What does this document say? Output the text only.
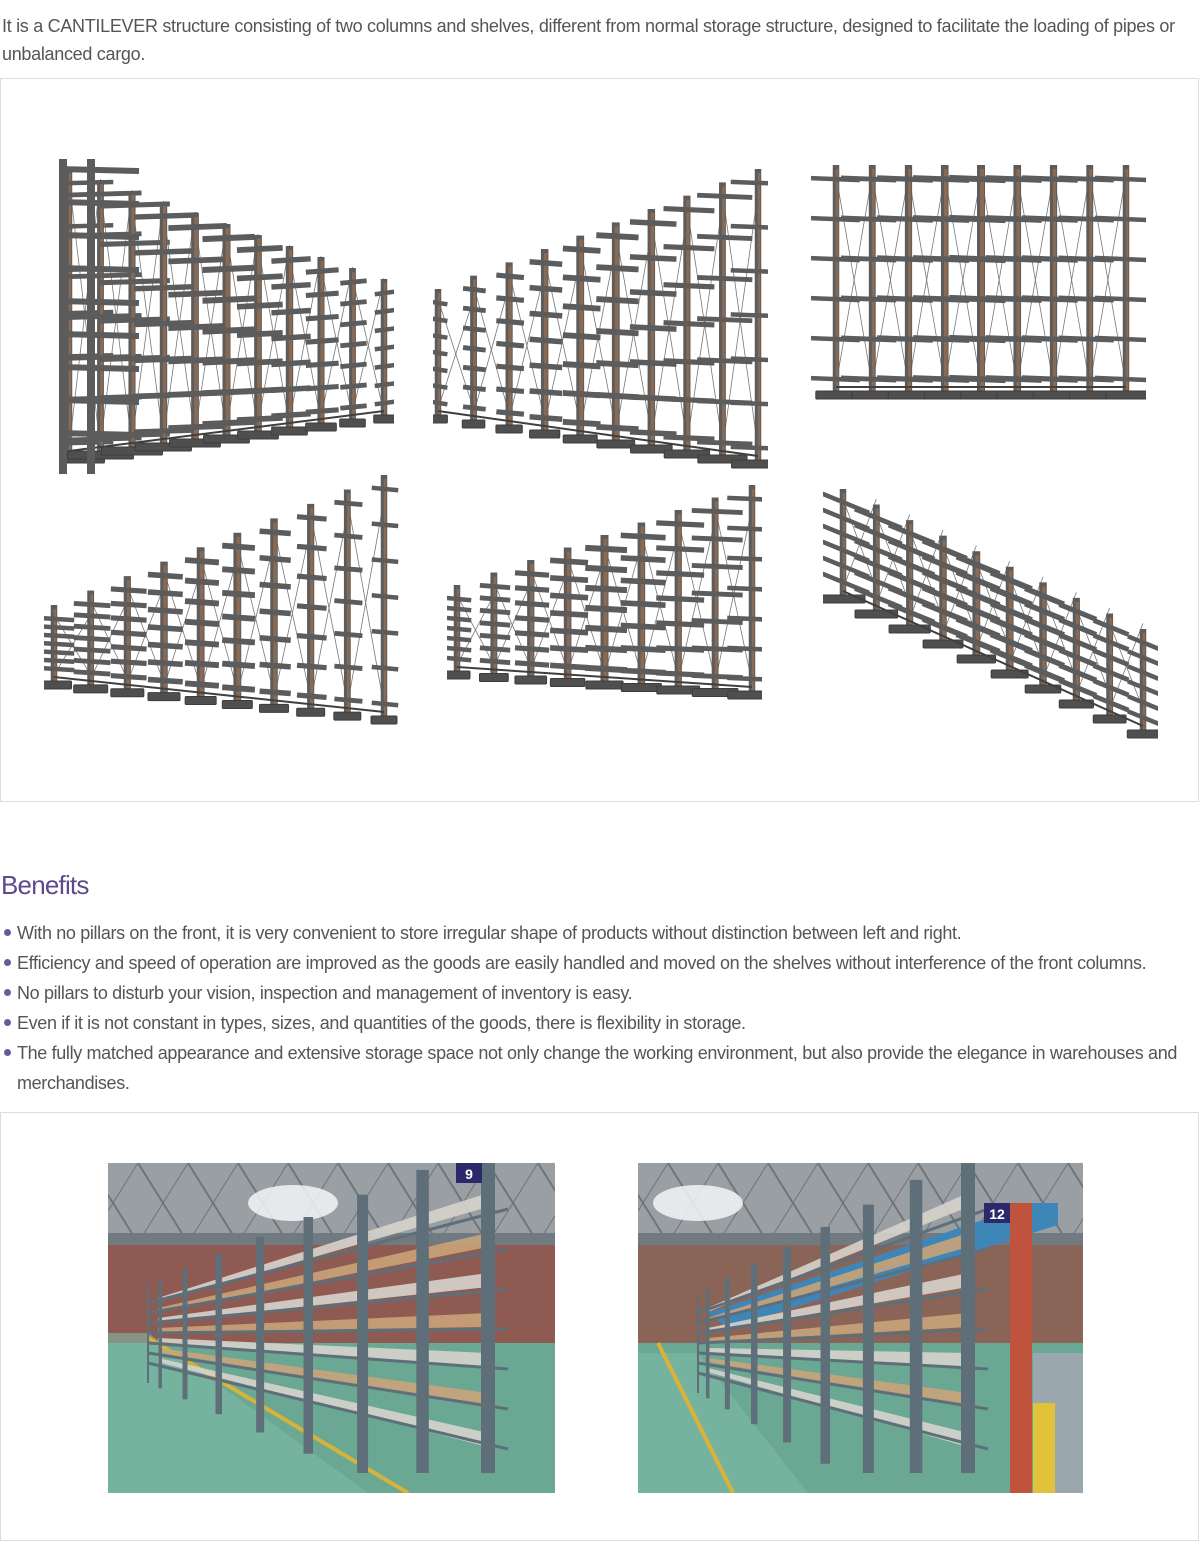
It is a CANTILEVER structure consisting of two columns and shelves, different from normal storage structure, designed to facilitate the loading of pipes or unbalanced cargo.

Benefits
With no pillars on the front, it is very convenient to store irregular shape of products without distinction between left and right.
Efficiency and speed of operation are improved as the goods are easily handled and moved on the shelves without interference of the front columns.
No pillars to disturb your vision, inspection and management of inventory is easy.
Even if it is not constant in types, sizes, and quantities of the goods, there is flexibility in storage.
The fully matched appearance and extensive storage space not only change the working environment, but also provide the elegance in warehouses and merchandises.
9
12
